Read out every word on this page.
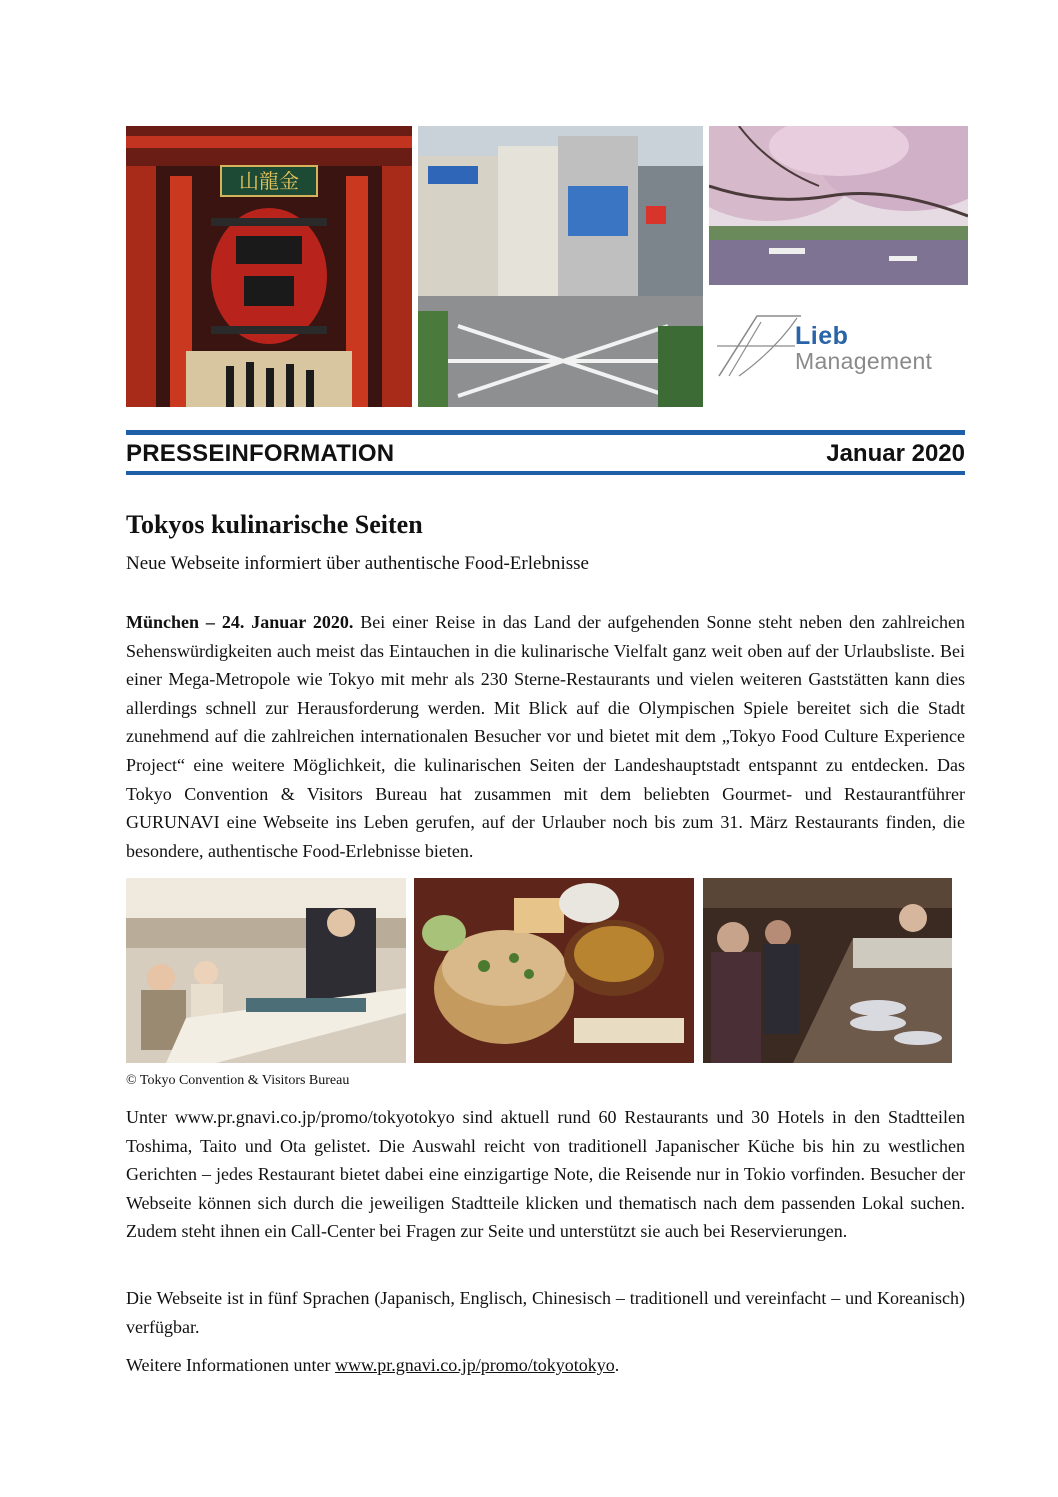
山龍金
Lieb
Management
PRESSEINFORMATION	Januar 2020
Tokyos kulinarische Seiten
Neue Webseite informiert über authentische Food-Erlebnisse

München – 24. Januar 2020. Bei einer Reise in das Land der aufgehenden Sonne steht neben den zahlreichen Sehenswürdigkeiten auch meist das Eintauchen in die kulinarische Vielfalt ganz weit oben auf der Urlaubsliste. Bei einer Mega-Metropole wie Tokyo mit mehr als 230 Sterne-Restaurants und vielen weiteren Gaststätten kann dies allerdings schnell zur Herausforderung werden. Mit Blick auf die Olympischen Spiele bereitet sich die Stadt zunehmend auf die zahlreichen internationalen Besucher vor und bietet mit dem „Tokyo Food Culture Experience Project“ eine weitere Möglichkeit, die kulinarischen Seiten der Landeshauptstadt entspannt zu entdecken. Das Tokyo Convention & Visitors Bureau hat zusammen mit dem beliebten Gourmet- und Restaurantführer GURUNAVI eine Webseite ins Leben gerufen, auf der Urlauber noch bis zum 31. März Restaurants finden, die besondere, authentische Food-Erlebnisse bieten.

© Tokyo Convention & Visitors Bureau

Unter www.pr.gnavi.co.jp/promo/tokyotokyo sind aktuell rund 60 Restaurants und 30 Hotels in den Stadtteilen Toshima, Taito und Ota gelistet. Die Auswahl reicht von traditionell Japanischer Küche bis hin zu westlichen Gerichten – jedes Restaurant bietet dabei eine einzigartige Note, die Reisende nur in Tokio vorfinden. Besucher der Webseite können sich durch die jeweiligen Stadtteile klicken und thematisch nach dem passenden Lokal suchen. Zudem steht ihnen ein Call-Center bei Fragen zur Seite und unterstützt sie auch bei Reservierungen.

Die Webseite ist in fünf Sprachen (Japanisch, Englisch, Chinesisch – traditionell und vereinfacht – und Koreanisch) verfügbar.

Weitere Informationen unter www.pr.gnavi.co.jp/promo/tokyotokyo.
